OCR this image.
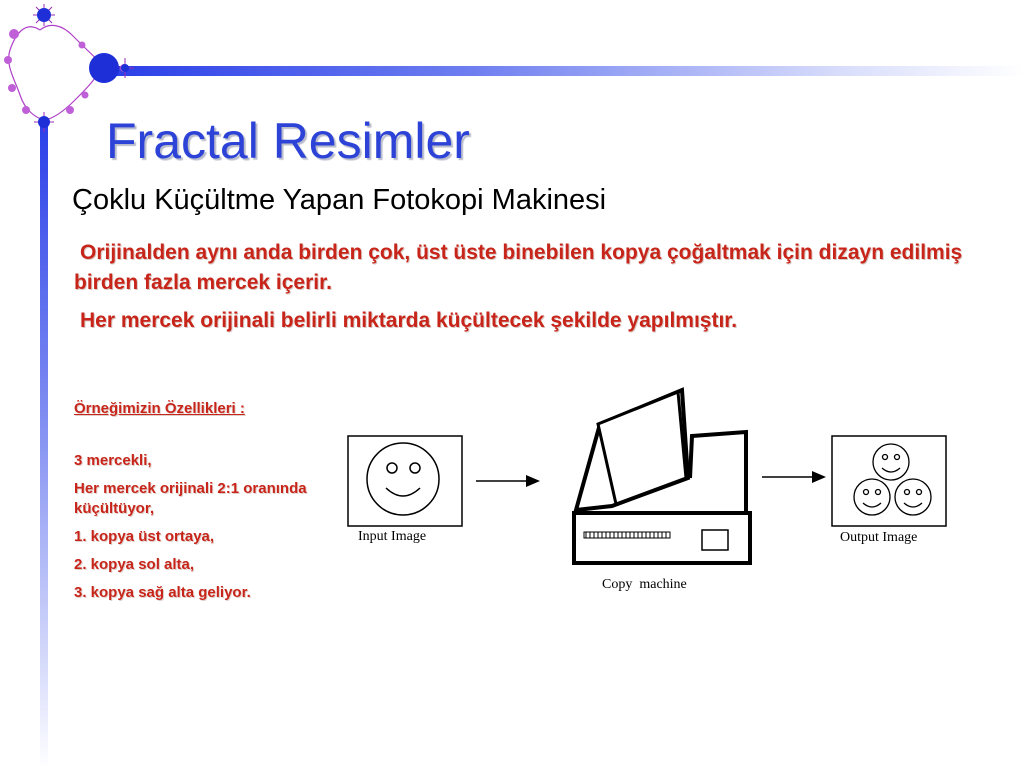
Fractal Resimler
Çoklu Küçültme Yapan Fotokopi Makinesi
Orijinalden aynı anda birden çok, üst üste binebilen kopya çoğaltmak için dizayn edilmiş birden fazla mercek içerir.
Her mercek orijinali belirli miktarda küçültecek şekilde yapılmıştır.
Örneğimizin Özellikleri :
3 mercekli,
Her mercek orijinali 2:1 oranında küçültüyor,
1. kopya üst ortaya,
2. kopya sol alta,
3. kopya sağ alta geliyor.
Input Image
Copy  machine
Output Image
